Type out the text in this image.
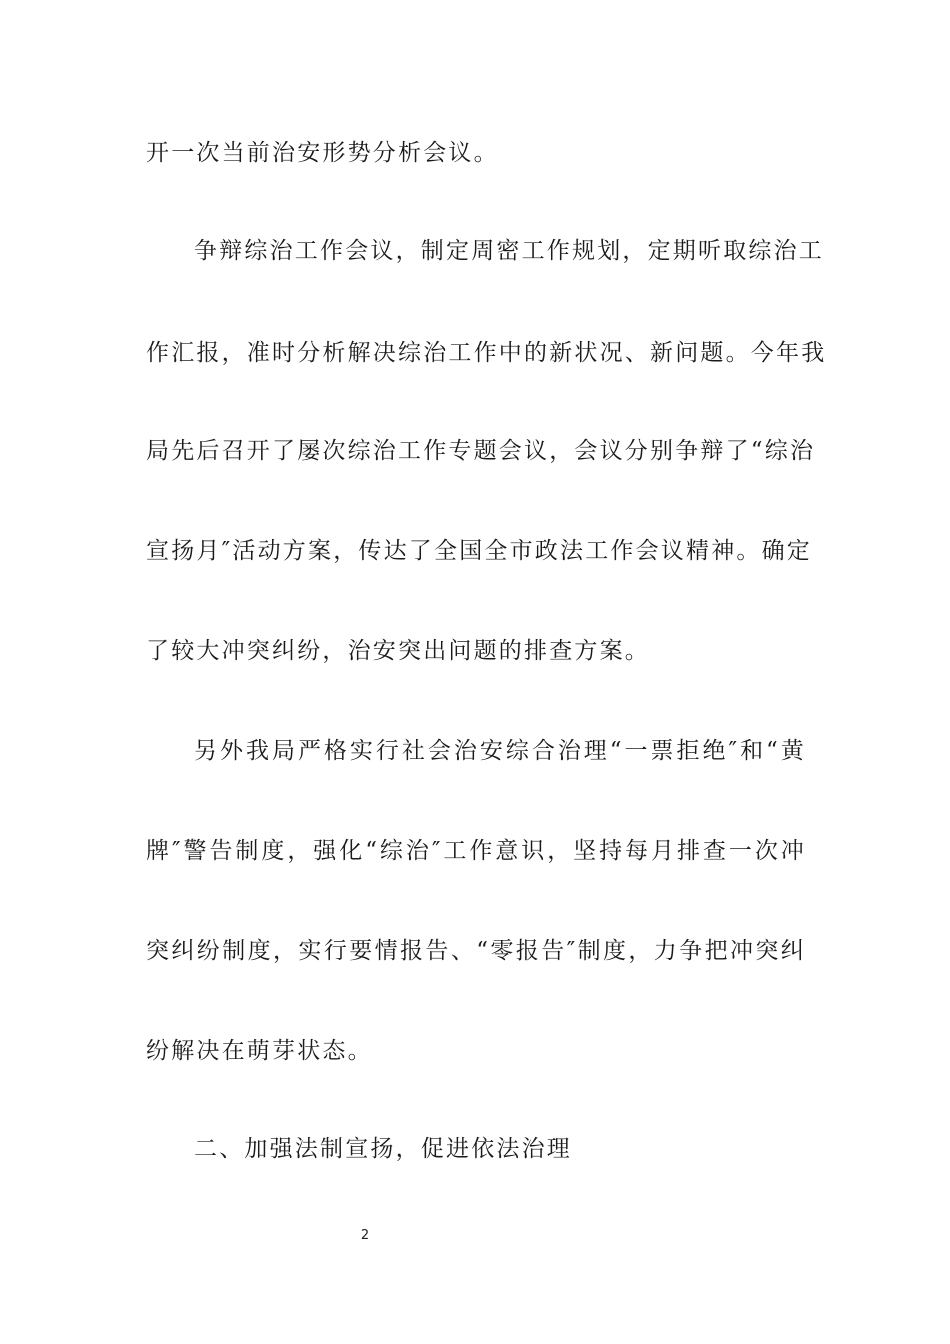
开一次当前治安形势分析会议。
争辩综治工作会议，制定周密工作规划，定期听取综治工
作汇报，准时分析解决综治工作中的新状况、新问题。今年我
局先后召开了屡次综治工作专题会议，会议分别争辩了“综治
宣扬月″活动方案，传达了全国全市政法工作会议精神。确定
了较大冲突纠纷，治安突出问题的排查方案。
另外我局严格实行社会治安综合治理“一票拒绝″和“黄
牌″警告制度，强化“综治″工作意识，坚持每月排查一次冲
突纠纷制度，实行要情报告、“零报告″制度，力争把冲突纠
纷解决在萌芽状态。
二、加强法制宣扬，促进依法治理
2
